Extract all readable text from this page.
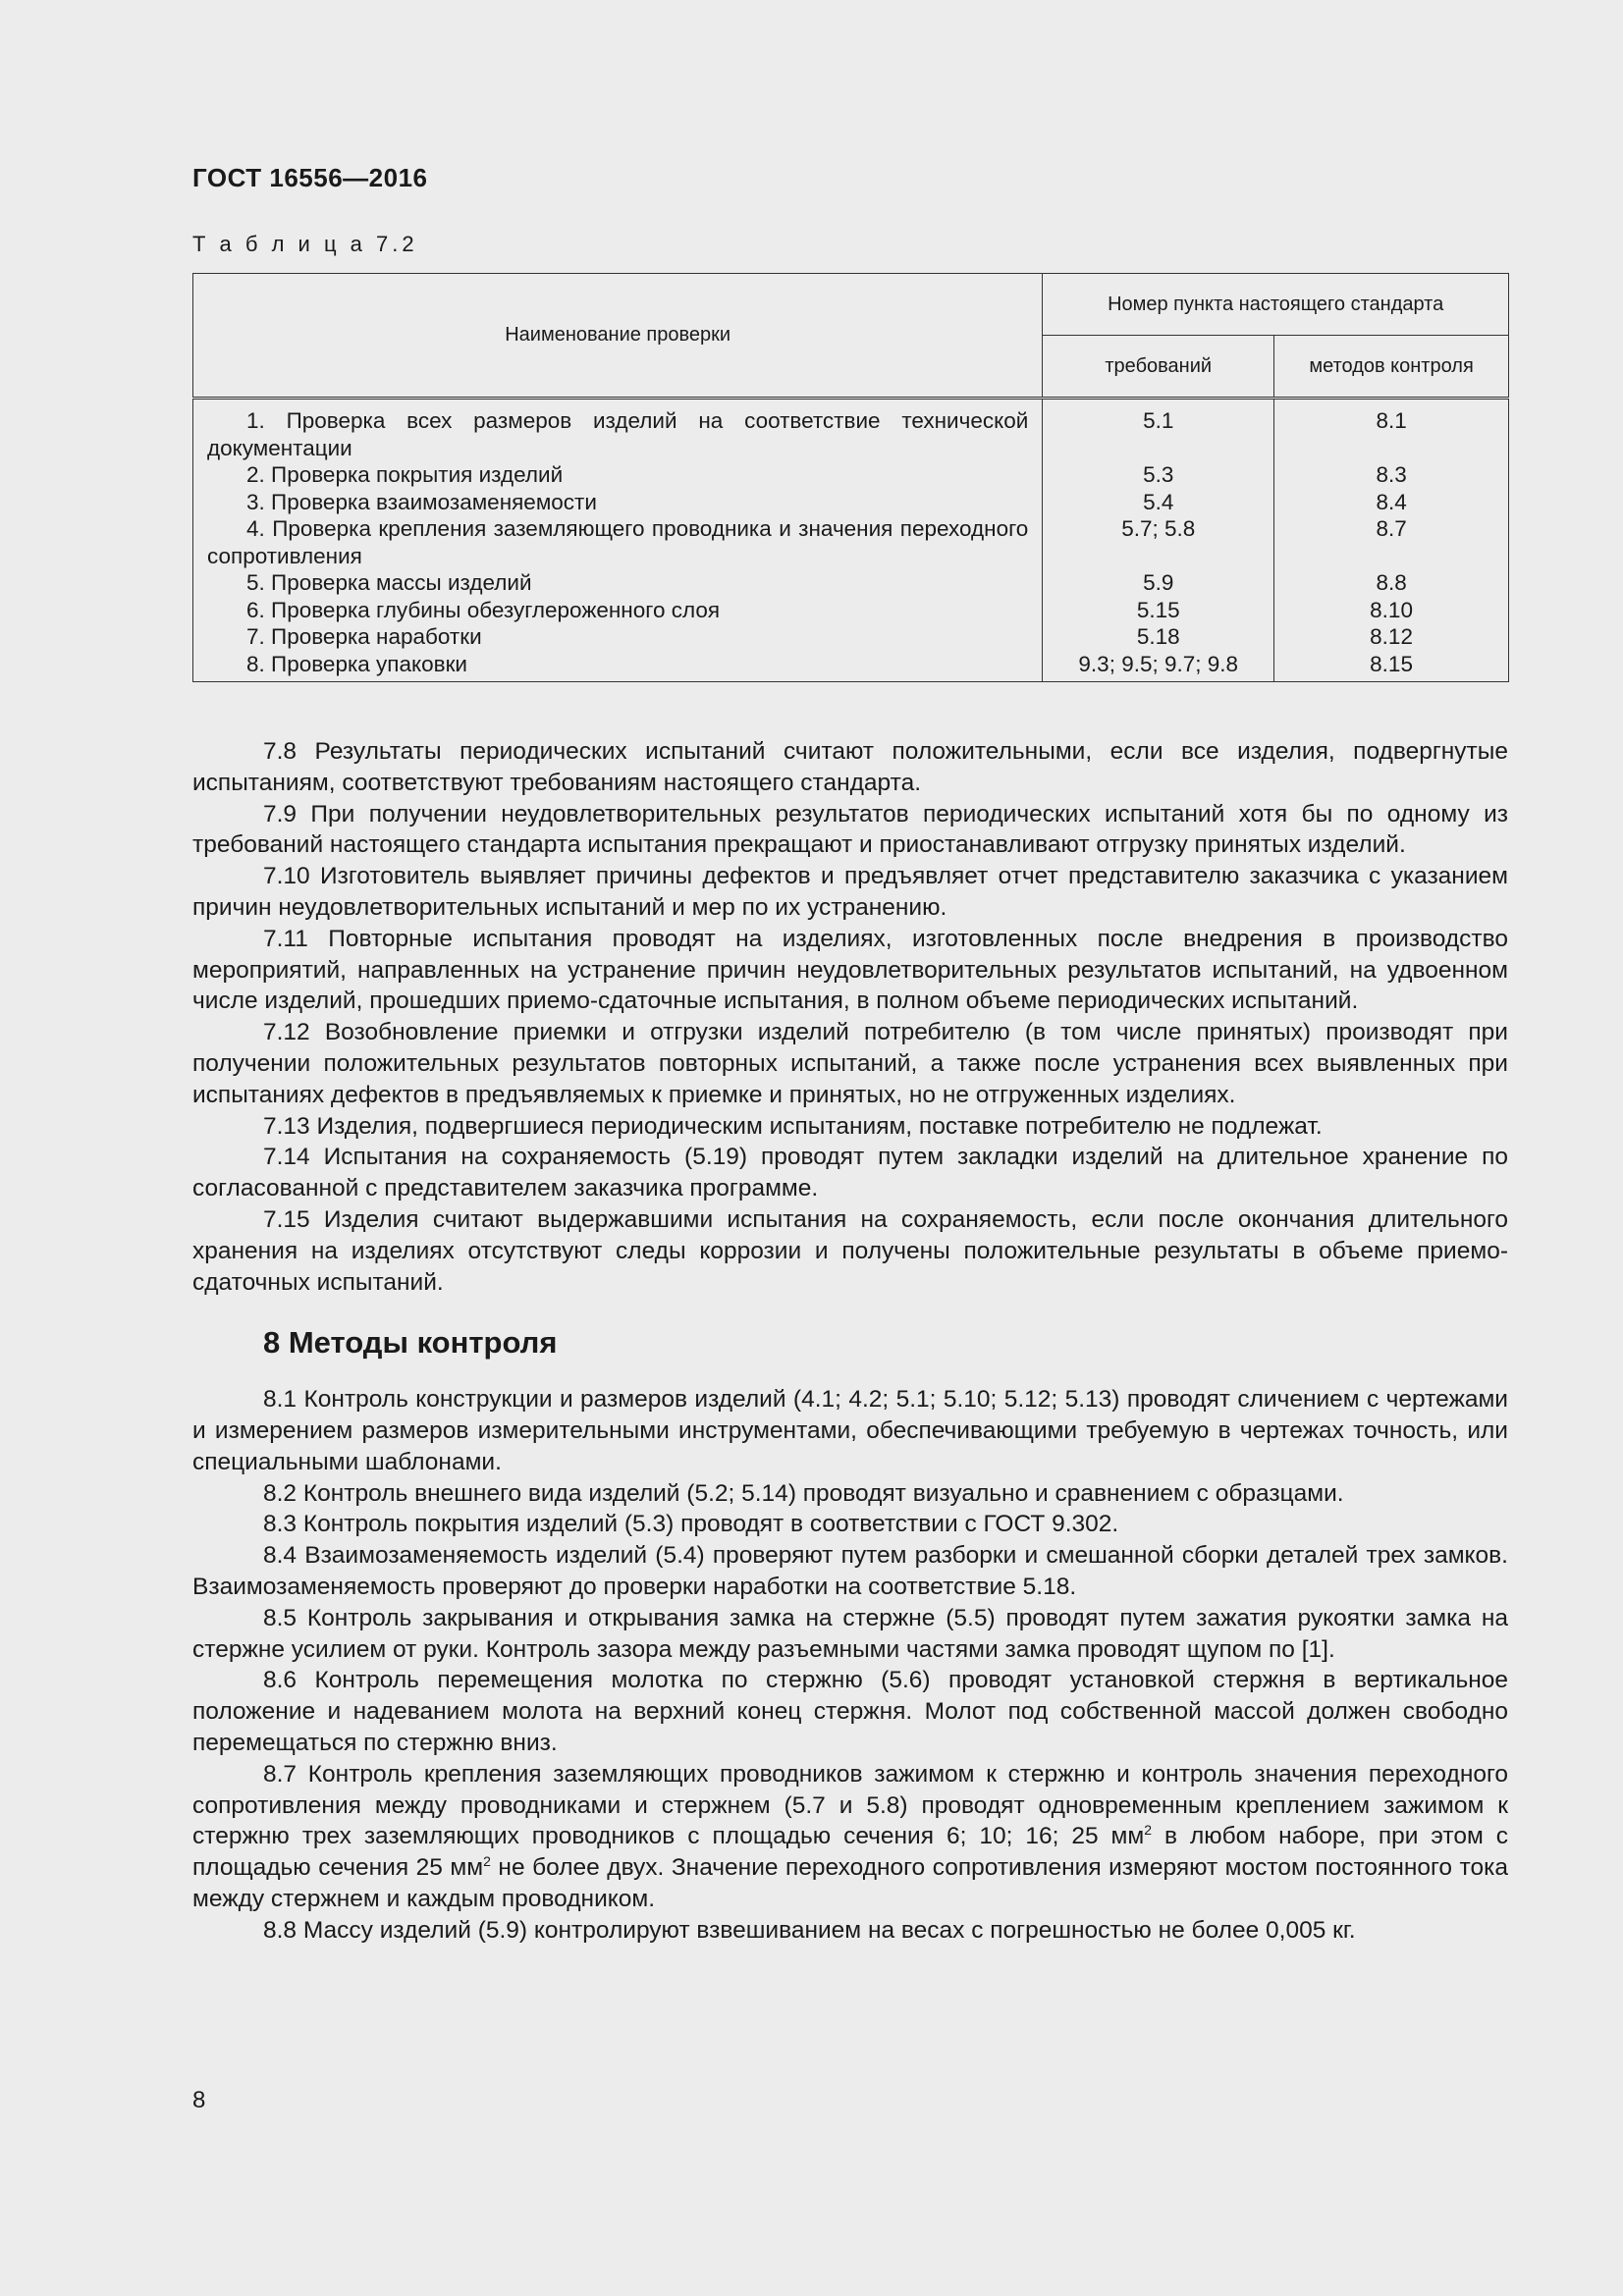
ГОСТ 16556—2016
Т а б л и ц а 7.2
Наименование проверки	Номер пункта настоящего стандарта	
	требований	методов контроля
1. Проверка всех размеров изделий на соответствие технической документации	5.1	8.1
2. Проверка покрытия изделий	5.3	8.3
3. Проверка взаимозаменяемости	5.4	8.4
4. Проверка крепления заземляющего проводника и значения переходного сопротивления	5.7; 5.8	8.7
5. Проверка массы изделий	5.9	8.8
6. Проверка глубины обезуглероженного слоя	5.15	8.10
7. Проверка наработки	5.18	8.12
8. Проверка упаковки	9.3; 9.5; 9.7; 9.8	8.15

7.8 Результаты периодических испытаний считают положительными, если все изделия, подвергнутые испытаниям, соответствуют требованиям настоящего стандарта.

7.9 При получении неудовлетворительных результатов периодических испытаний хотя бы по одному из требований настоящего стандарта испытания прекращают и приостанавливают отгрузку принятых изделий.

7.10 Изготовитель выявляет причины дефектов и предъявляет отчет представителю заказчика с указанием причин неудовлетворительных испытаний и мер по их устранению.

7.11 Повторные испытания проводят на изделиях, изготовленных после внедрения в производство мероприятий, направленных на устранение причин неудовлетворительных результатов испытаний, на удвоенном числе изделий, прошедших приемо-сдаточные испытания, в полном объеме периодических испытаний.

7.12 Возобновление приемки и отгрузки изделий потребителю (в том числе принятых) производят при получении положительных результатов повторных испытаний, а также после устранения всех выявленных при испытаниях дефектов в предъявляемых к приемке и принятых, но не отгруженных изделиях.

7.13 Изделия, подвергшиеся периодическим испытаниям, поставке потребителю не подлежат.

7.14 Испытания на сохраняемость (5.19) проводят путем закладки изделий на длительное хранение по согласованной с представителем заказчика программе.

7.15 Изделия считают выдержавшими испытания на сохраняемость, если после окончания длительного хранения на изделиях отсутствуют следы коррозии и получены положительные результаты в объеме приемо-сдаточных испытаний.

8 Методы контроля

8.1 Контроль конструкции и размеров изделий (4.1; 4.2; 5.1; 5.10; 5.12; 5.13) проводят сличением с чертежами и измерением размеров измерительными инструментами, обеспечивающими требуемую в чертежах точность, или специальными шаблонами.

8.2 Контроль внешнего вида изделий (5.2; 5.14) проводят визуально и сравнением с образцами.

8.3 Контроль покрытия изделий (5.3) проводят в соответствии с ГОСТ 9.302.

8.4 Взаимозаменяемость изделий (5.4) проверяют путем разборки и смешанной сборки деталей трех замков. Взаимозаменяемость проверяют до проверки наработки на соответствие 5.18.

8.5 Контроль закрывания и открывания замка на стержне (5.5) проводят путем зажатия рукоятки замка на стержне усилием от руки. Контроль зазора между разъемными частями замка проводят щупом по [1].

8.6 Контроль перемещения молотка по стержню (5.6) проводят установкой стержня в вертикальное положение и надеванием молота на верхний конец стержня. Молот под собственной массой должен свободно перемещаться по стержню вниз.

8.7 Контроль крепления заземляющих проводников зажимом к стержню и контроль значения переходного сопротивления между проводниками и стержнем (5.7 и 5.8) проводят одновременным креплением зажимом к стержню трех заземляющих проводников с площадью сечения 6; 10; 16; 25 $мм^2$ в любом наборе, при этом с площадью сечения 25 $мм^2$ не более двух. Значение переходного сопротивления измеряют мостом постоянного тока между стержнем и каждым проводником.

8.8 Массу изделий (5.9) контролируют взвешиванием на весах с погрешностью не более 0,005 кг.

8
